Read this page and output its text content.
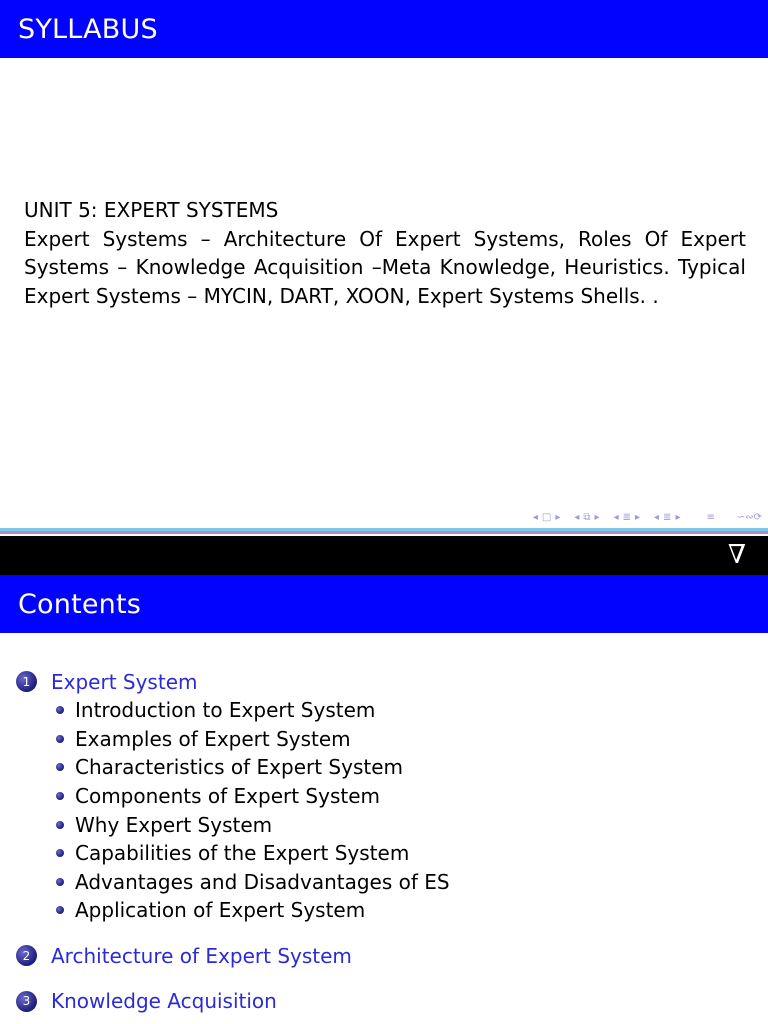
SYLLABUS

UNIT 5: EXPERT SYSTEMS

Expert Systems – Architecture Of Expert Systems, Roles Of Expert Systems – Knowledge Acquisition –Meta Knowledge, Heuristics. Typical Expert Systems – MYCIN, DART, XOON, Expert Systems Shells. .

◂ □ ▸ ◂ ⧉ ▸ ◂ ≣ ▸ ◂ ≣ ▸	≡ ∽∾⟳
∇
Contents
1	Expert System
Introduction to Expert System
Examples of Expert System
Characteristics of Expert System
Components of Expert System
Why Expert System
Capabilities of the Expert System
Advantages and Disadvantages of ES
Application of Expert System
2	Architecture of Expert System
3	Knowledge Acquisition
